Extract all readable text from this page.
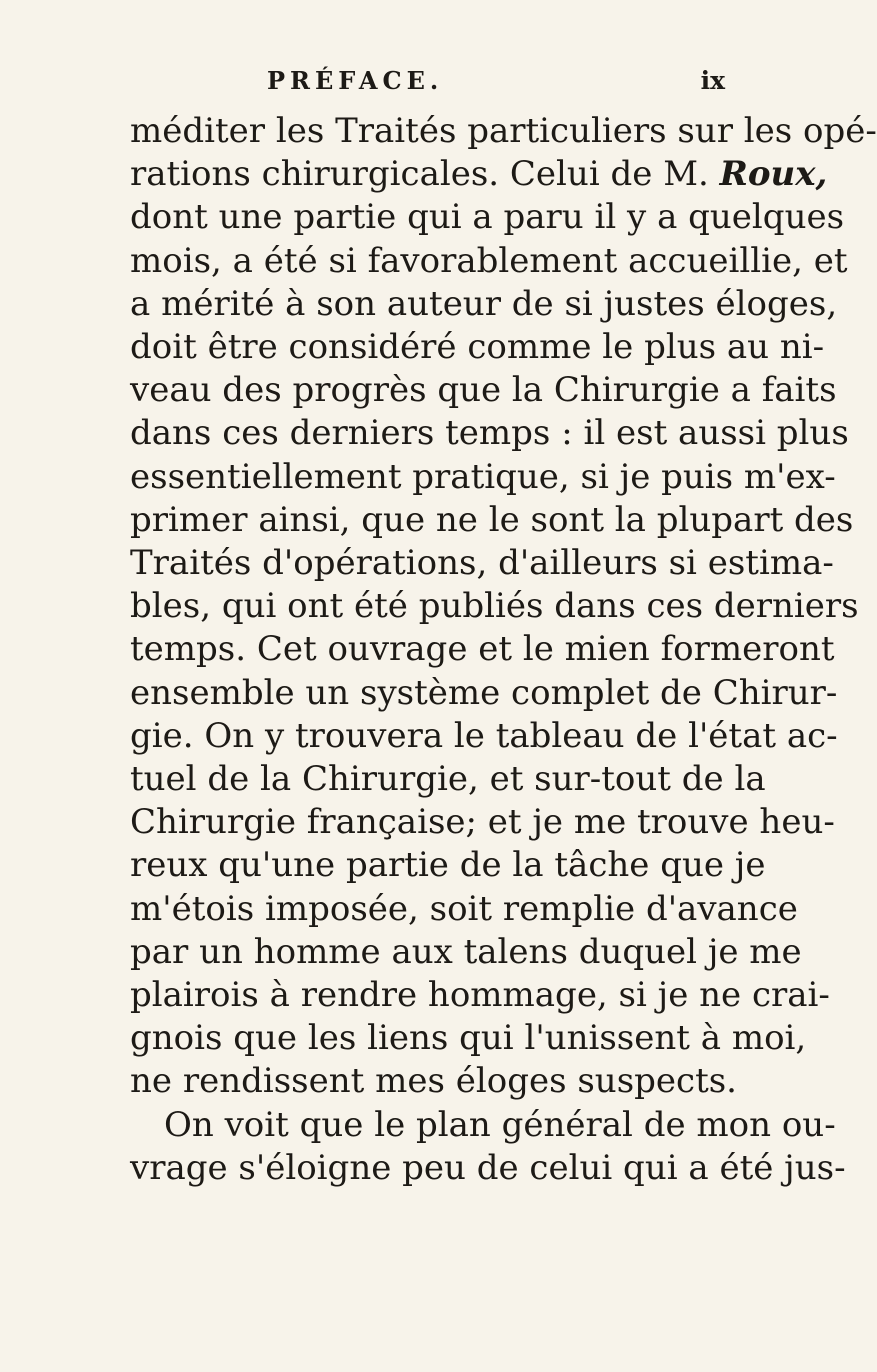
PRÉFACE.	ix
méditer les Traités particuliers sur les opé-
rations chirurgicales. Celui de M. Roux,
dont une partie qui a paru il y a quelques
mois, a été si favorablement accueillie, et
a mérité à son auteur de si justes éloges,
doit être considéré comme le plus au ni-
veau des progrès que la Chirurgie a faits
dans ces derniers temps : il est aussi plus
essentiellement pratique, si je puis m'ex-
primer ainsi, que ne le sont la plupart des
Traités d'opérations, d'ailleurs si estima-
bles, qui ont été publiés dans ces derniers
temps. Cet ouvrage et le mien formeront
ensemble un système complet de Chirur-
gie. On y trouvera le tableau de l'état ac-
tuel de la Chirurgie, et sur-tout de la
Chirurgie française; et je me trouve heu-
reux qu'une partie de la tâche que je
m'étois imposée, soit remplie d'avance
par un homme aux talens duquel je me
plairois à rendre hommage, si je ne crai-
gnois que les liens qui l'unissent à moi,
ne rendissent mes éloges suspects.
On voit que le plan général de mon ou-
vrage s'éloigne peu de celui qui a été jus-
